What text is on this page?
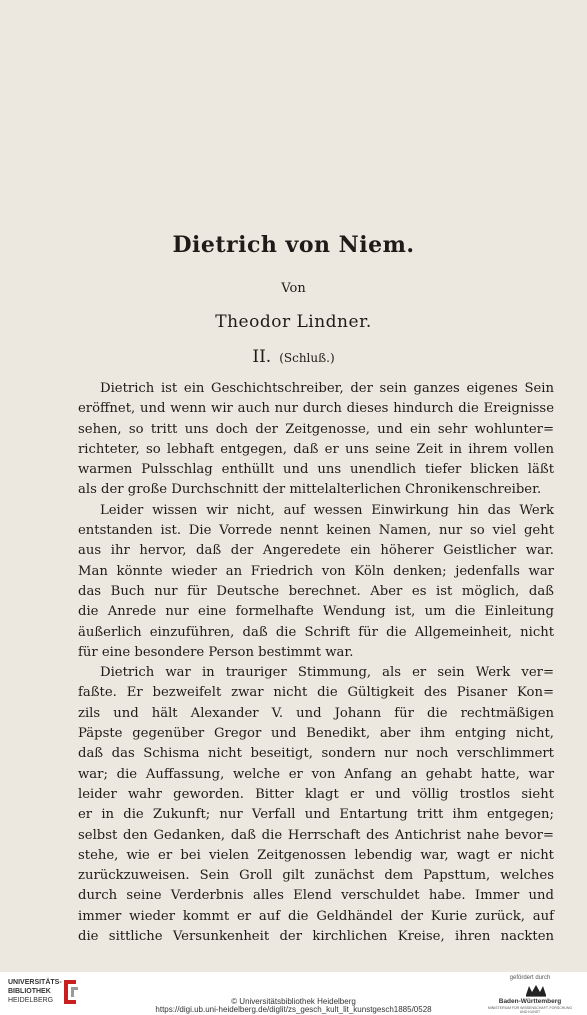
Dietrich von Niem.
Von
Theodor Lindner.
II. (Schluß.)
Dietrich ist ein Geschichtschreiber, der sein ganzes eigenes Sein
eröffnet, und wenn wir auch nur durch dieses hindurch die Ereignisse
sehen, so tritt uns doch der Zeitgenosse, und ein sehr wohlunter=
richteter, so lebhaft entgegen, daß er uns seine Zeit in ihrem vollen
warmen Pulsschlag enthüllt und uns unendlich tiefer blicken läßt
als der große Durchschnitt der mittelalterlichen Chronikenschreiber.
Leider wissen wir nicht, auf wessen Einwirkung hin das Werk
entstanden ist. Die Vorrede nennt keinen Namen, nur so viel geht
aus ihr hervor, daß der Angeredete ein höherer Geistlicher war.
Man könnte wieder an Friedrich von Köln denken; jedenfalls war
das Buch nur für Deutsche berechnet. Aber es ist möglich, daß
die Anrede nur eine formelhafte Wendung ist, um die Einleitung
äußerlich einzuführen, daß die Schrift für die Allgemeinheit, nicht
für eine besondere Person bestimmt war.
Dietrich war in trauriger Stimmung, als er sein Werk ver=
faßte. Er bezweifelt zwar nicht die Gültigkeit des Pisaner Kon=
zils und hält Alexander V. und Johann für die rechtmäßigen
Päpste gegenüber Gregor und Benedikt, aber ihm entging nicht,
daß das Schisma nicht beseitigt, sondern nur noch verschlimmert
war; die Auffassung, welche er von Anfang an gehabt hatte, war
leider wahr geworden. Bitter klagt er und völlig trostlos sieht
er in die Zukunft; nur Verfall und Entartung tritt ihm entgegen;
selbst den Gedanken, daß die Herrschaft des Antichrist nahe bevor=
stehe, wie er bei vielen Zeitgenossen lebendig war, wagt er nicht
zurückzuweisen. Sein Groll gilt zunächst dem Papsttum, welches
durch seine Verderbnis alles Elend verschuldet habe. Immer und
immer wieder kommt er auf die Geldhändel der Kurie zurück, auf
die sittliche Versunkenheit der kirchlichen Kreise, ihren nackten
UNIVERSITÄTS-
BIBLIOTHEK
HEIDELBERG	© Universitätsbibliothek Heidelberg
https://digi.ub.uni-heidelberg.de/diglit/zs_gesch_kult_lit_kunstgesch1885/0528
gefördert durch
Baden-Württemberg
MINISTERIUM FÜR WISSENSCHAFT, FORSCHUNG UND KUNST
